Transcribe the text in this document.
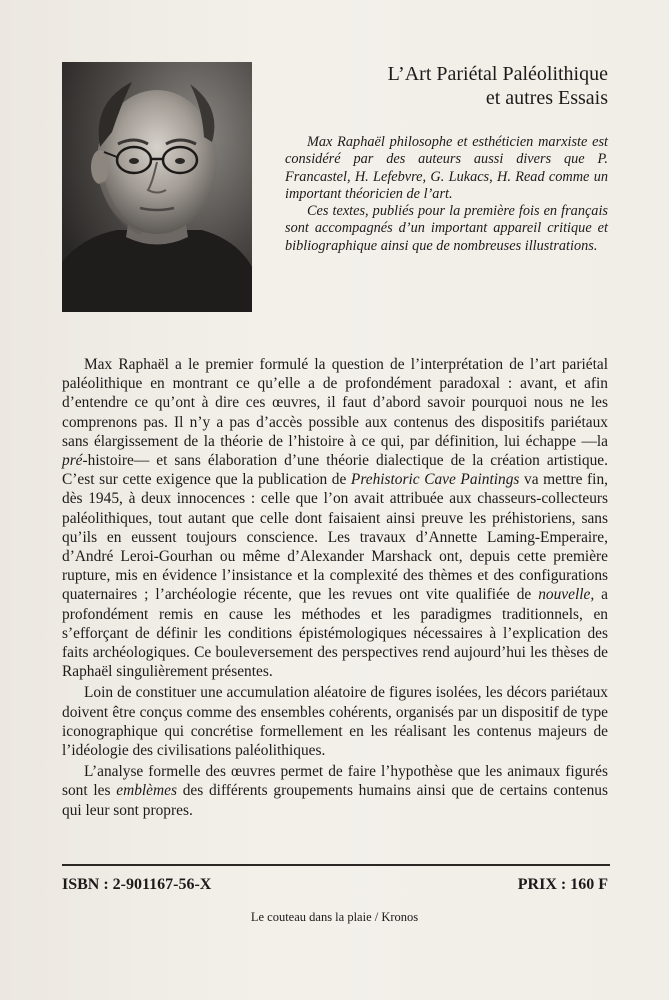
L’Art Pariétal Paléolithique
et autres Essais

Max Raphaël philosophe et esthéticien marxiste est considéré par des auteurs aussi divers que P. Francastel, H. Lefebvre, G. Lukacs, H. Read comme un important théoricien de l’art.

Ces textes, publiés pour la première fois en français sont accompagnés d’un important appareil critique et bibliographique ainsi que de nombreuses illustrations.

Max Raphaël a le premier formulé la question de l’interprétation de l’art pariétal paléolithique en montrant ce qu’elle a de profondément paradoxal : avant, et afin d’entendre ce qu’ont à dire ces œuvres, il faut d’abord savoir pourquoi nous ne les comprenons pas. Il n’y a pas d’accès possible aux contenus des dispositifs pariétaux sans élargissement de la théorie de l’histoire à ce qui, par définition, lui échappe —la pré-histoire— et sans élaboration d’une théorie dialectique de la création artistique. C’est sur cette exigence que la publication de Prehistoric Cave Paintings va mettre fin, dès 1945, à deux innocences : celle que l’on avait attribuée aux chasseurs-collecteurs paléolithiques, tout autant que celle dont faisaient ainsi preuve les préhistoriens, sans qu’ils en eussent toujours conscience. Les travaux d’Annette Laming-Emperaire, d’André Leroi-Gourhan ou même d’Alexander Marshack ont, depuis cette première rupture, mis en évidence l’insistance et la complexité des thèmes et des configurations quaternaires ; l’archéologie récente, que les revues ont vite qualifiée de nouvelle, a profondément remis en cause les méthodes et les paradigmes traditionnels, en s’efforçant de définir les conditions épistémologiques nécessaires à l’explication des faits archéologiques. Ce bouleversement des perspectives rend aujourd’hui les thèses de Raphaël singulièrement présentes.

Loin de constituer une accumulation aléatoire de figures isolées, les décors pariétaux doivent être conçus comme des ensembles cohérents, organisés par un dispositif de type iconographique qui concrétise formellement en les réalisant les contenus majeurs de l’idéologie des civilisations paléolithiques.

L’analyse formelle des œuvres permet de faire l’hypothèse que les animaux figurés sont les emblèmes des différents groupements humains ainsi que de certains contenus qui leur sont propres.

ISBN : 2-901167-56-X	PRIX : 160 F
Le couteau dans la plaie / Kronos
